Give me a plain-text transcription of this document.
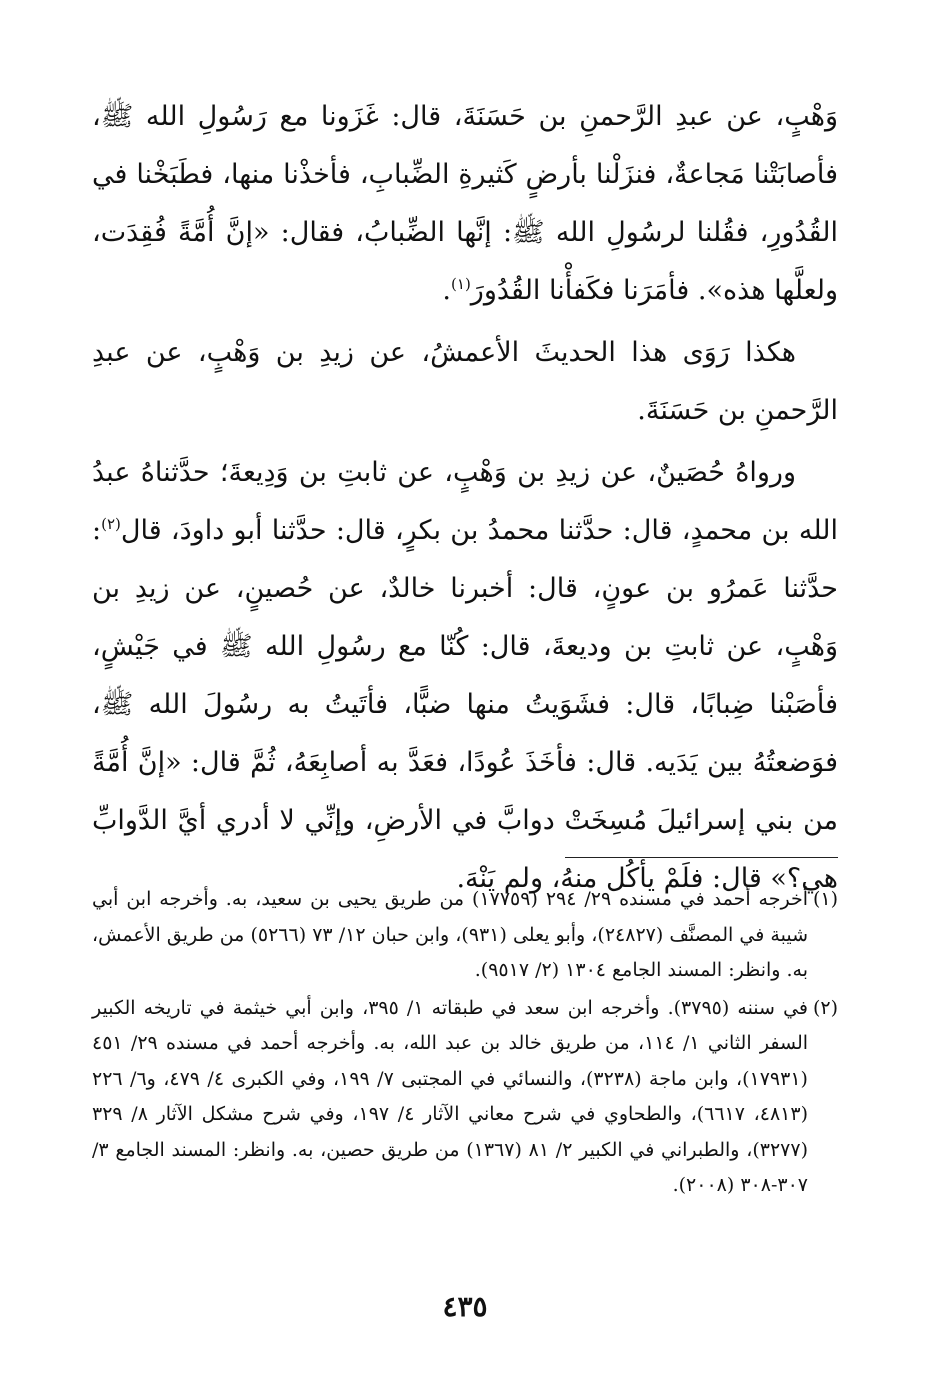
وَهْبٍ، عن عبدِ الرَّحمنِ بن حَسَنَةَ، قال: غَزَونا مع رَسُولِ الله ﷺ، فأصابَتْنا مَجاعةٌ، فنزَلْنا بأرضٍ كَثيرةِ الضِّبابِ، فأخذْنا منها، فطَبَخْنا في القُدُورِ، فقُلنا لرسُولِ الله ﷺ: إنَّها الضِّبابُ، فقال: «إنَّ أُمَّةً فُقِدَت، ولعلَّها هذه». فأمَرَنا فكَفأْنا القُدُورَ$^{(١)}$.

هكذا رَوَى هذا الحديثَ الأعمشُ، عن زيدِ بن وَهْبٍ، عن عبدِ الرَّحمنِ بن حَسَنَةَ.

ورواهُ حُصَينٌ، عن زيدِ بن وَهْبٍ، عن ثابتِ بن وَدِيعةَ؛ حدَّثناهُ عبدُ الله بن محمدٍ، قال: حدَّثنا محمدُ بن بكرٍ، قال: حدَّثنا أبو داودَ، قال$^{(٢)}$: حدَّثنا عَمرُو بن عونٍ، قال: أخبرنا خالدٌ، عن حُصينٍ، عن زيدِ بن وَهْبٍ، عن ثابتِ بن وديعةَ، قال: كُنّا مع رسُولِ الله ﷺ في جَيْشٍ، فأصَبْنا ضِبابًا، قال: فشَوَيتُ منها ضبًّا، فأتَيتُ به رسُولَ الله ﷺ، فوَضعتُهُ بين يَدَيه. قال: فأخَذَ عُودًا، فعَدَّ به أصابِعَهُ، ثُمَّ قال: «إنَّ أُمَّةً من بني إسرائيلَ مُسِخَتْ دوابَّ في الأرضِ، وإنِّي لا أدري أيَّ الدَّوابِّ هي؟» قال: فلَمْ يأكُل منهُ، ولم يَنْهَ.

(١)
أخرجه أحمد في مسنده ٢٩/ ٢٩٤ (١٧٧٥٩) من طريق يحيى بن سعيد، به. وأخرجه ابن أبي شيبة في المصنَّف (٢٤٨٢٧)، وأبو يعلى (٩٣١)، وابن حبان ١٢/ ٧٣ (٥٢٦٦) من طريق الأعمش، به. وانظر: المسند الجامع ١٣٠٤ (٢/ ٩٥١٧).

(٢)
في سننه (٣٧٩٥). وأخرجه ابن سعد في طبقاته ١/ ٣٩٥، وابن أبي خيثمة في تاريخه الكبير السفر الثاني ١/ ١١٤، من طريق خالد بن عبد الله، به. وأخرجه أحمد في مسنده ٢٩/ ٤٥١ (١٧٩٣١)، وابن ماجة (٣٢٣٨)، والنسائي في المجتبى ٧/ ١٩٩، وفي الكبرى ٤/ ٤٧٩، و٦/ ٢٢٦ (٤٨١٣، ٦٦١٧)، والطحاوي في شرح معاني الآثار ٤/ ١٩٧، وفي شرح مشكل الآثار ٨/ ٣٢٩ (٣٢٧٧)، والطبراني في الكبير ٢/ ٨١ (١٣٦٧) من طريق حصين، به. وانظر: المسند الجامع ٣/ ٣٠٧-٣٠٨ (٢٠٠٨).

٤٣٥
